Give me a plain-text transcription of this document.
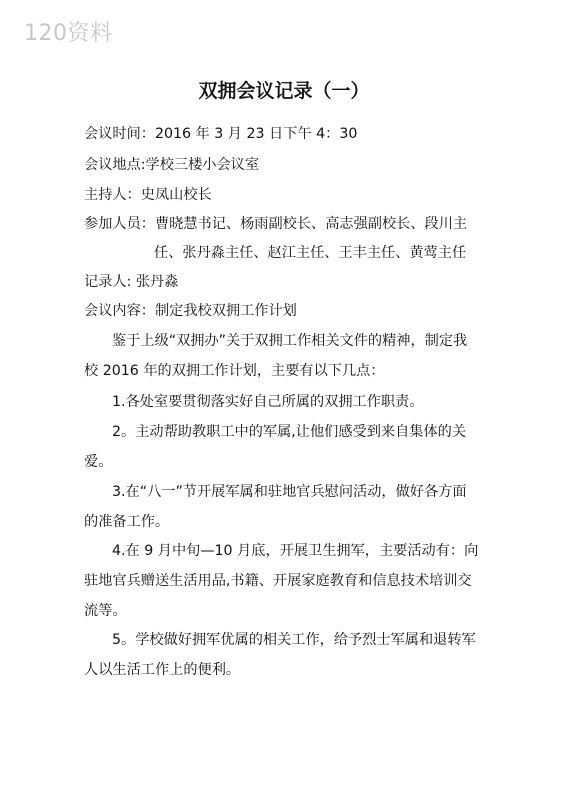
120资料
双拥会议记录（一）
会议时间：2016 年 3 月 23 日下午 4：30
会议地点:学校三楼小会议室
主持人：史凤山校长
参加人员：曹晓慧书记、杨雨副校长、高志强副校长、段川主
任、张丹淼主任、赵江主任、王丰主任、黄莺主任
记录人: 张丹淼
会议内容：制定我校双拥工作计划
鉴于上级“双拥办”关于双拥工作相关文件的精神，制定我
校 2016 年的双拥工作计划，主要有以下几点：
1.各处室要贯彻落实好自己所属的双拥工作职责。
2。主动帮助教职工中的军属,让他们感受到来自集体的关
爱。
3.在“八一”节开展军属和驻地官兵慰问活动，做好各方面
的准备工作。
4.在 9 月中旬—10 月底，开展卫生拥军，主要活动有：向
驻地官兵赠送生活用品,书籍、开展家庭教育和信息技术培训交
流等。
5。学校做好拥军优属的相关工作，给予烈士军属和退转军
人以生活工作上的便利。
